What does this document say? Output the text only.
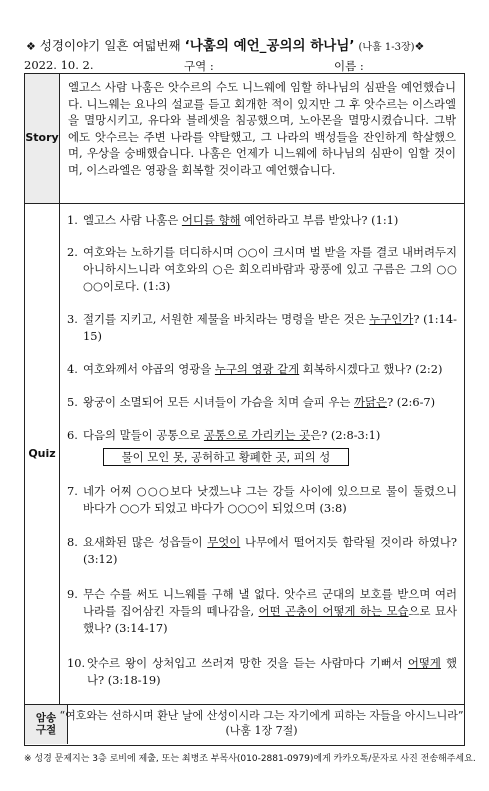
❖ 성경이야기 일흔 여덟번째 ‘나훔의 예언_공의의 하나님’ (나훔 1-3장)❖
2022. 10. 2.	구역 :	이름 :
Story
엘고스 사람 나훔은 앗수르의 수도 니느웨에 임할 하나님의 심판을 예언했습니다. 니느웨는 요나의 설교를 듣고 회개한 적이 있지만 그 후 앗수르는 이스라엘을 멸망시키고, 유다와 블레셋을 침공했으며, 노아몬을 멸망시켰습니다. 그밖에도 앗수르는 주변 나라를 약탈했고, 그 나라의 백성들을 잔인하게 학살했으며, 우상을 숭배했습니다. 나훔은 언제가 니느웨에 하나님의 심판이 임할 것이며, 이스라엘은 영광을 회복할 것이라고 예언했습니다.
Quiz
1. 엘고스 사람 나훔은 어디를 향해 예언하라고 부름 받았나? (1:1)
2. 여호와는 노하기를 더디하시며 ○○이 크시며 벌 받을 자를 결코 내버려두지 아니하시느니라 여호와의 ○은 회오리바람과 광풍에 있고 구름은 그의 ○○ ○○이로다. (1:3)
3. 절기를 지키고, 서원한 제물을 바치라는 명령을 받은 것은 누구인가? (1:14-15)
4. 여호와께서 야곱의 영광을 누구의 영광 같게 회복하시겠다고 했나? (2:2)
5. 왕궁이 소멸되어 모든 시녀들이 가슴을 치며 슬피 우는 까닭은? (2:6-7)
6. 다음의 말들이 공통으로 공통으로 가리키는 곳은? (2:8-3:1)
물이 모인 못, 공허하고 황폐한 곳, 피의 성
7. 네가 어찌 ○○○보다 낫겠느냐 그는 강들 사이에 있으므로 물이 둘렸으니 바다가 ○○가 되었고 바다가 ○○○이 되었으며 (3:8)
8. 요새화된 많은 성읍들이 무엇이 나무에서 떨어지듯 함락될 것이라 하였나? (3:12)
9. 무슨 수를 써도 니느웨를 구해 낼 없다. 앗수르 군대의 보호를 받으며 여러 나라를 집어삼킨 자들의 떼나감을, 어떤 곤충이 어떻게 하는 모습으로 묘사했나? (3:14-17)
10. 앗수르 왕이 상처입고 쓰러져 망한 것을 듣는 사람마다 기뻐서 어떻게 했나? (3:18-19)
암송 구절
“여호와는 선하시며 환난 날에 산성이시라 그는 자기에게 피하는 자들을 아시느니라”
(나훔 1장 7절)
※ 성경 문제지는 3층 로비에 제출, 또는 최병조 부목사(010-2881-0979)에게 카카오톡/문자로 사진 전송해주세요.
